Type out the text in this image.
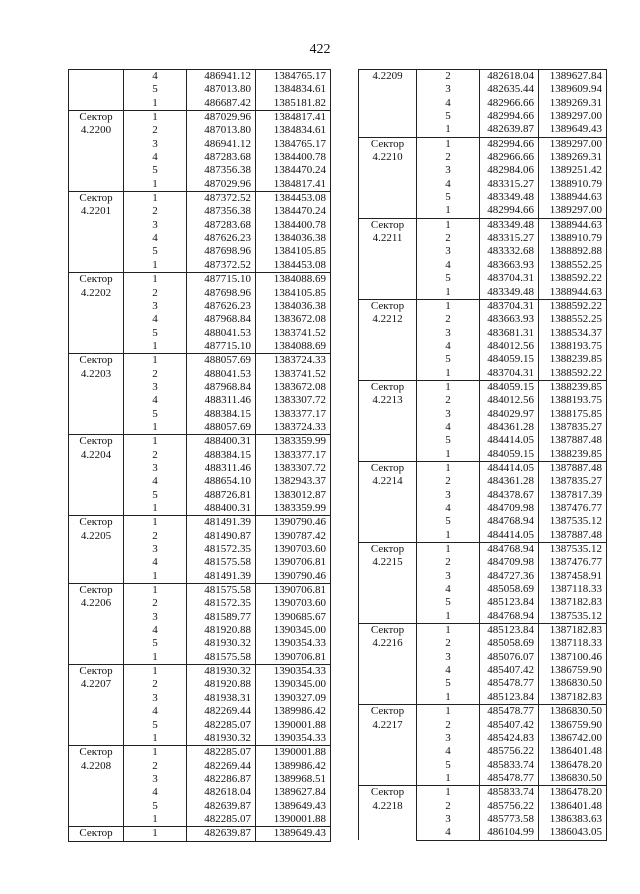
422
	4	486941.12	1384765.17
	5	487013.80	1384834.61
	1	486687.42	1385181.82

Сектор
4.2200	1	487029.96	1384817.41
	2	487013.80	1384834.61
	3	486941.12	1384765.17
	4	487283.68	1384400.78
	5	487356.38	1384470.24
	1	487029.96	1384817.41

Сектор
4.2201	1	487372.52	1384453.08
	2	487356.38	1384470.24
	3	487283.68	1384400.78
	4	487626.23	1384036.38
	5	487698.96	1384105.85
	1	487372.52	1384453.08

Сектор
4.2202	1	487715.10	1384088.69
	2	487698.96	1384105.85
	3	487626.23	1384036.38
	4	487968.84	1383672.08
	5	488041.53	1383741.52
	1	487715.10	1384088.69

Сектор
4.2203	1	488057.69	1383724.33
	2	488041.53	1383741.52
	3	487968.84	1383672.08
	4	488311.46	1383307.72
	5	488384.15	1383377.17
	1	488057.69	1383724.33

Сектор
4.2204	1	488400.31	1383359.99
	2	488384.15	1383377.17
	3	488311.46	1383307.72
	4	488654.10	1382943.37
	5	488726.81	1383012.87
	1	488400.31	1383359.99

Сектор
4.2205	1	481491.39	1390790.46
	2	481490.87	1390787.42
	3	481572.35	1390703.60
	4	481575.58	1390706.81
	1	481491.39	1390790.46

Сектор
4.2206	1	481575.58	1390706.81
	2	481572.35	1390703.60
	3	481589.77	1390685.67
	4	481920.88	1390345.00
	5	481930.32	1390354.33
	1	481575.58	1390706.81

Сектор
4.2207	1	481930.32	1390354.33
	2	481920.88	1390345.00
	3	481938.31	1390327.09
	4	482269.44	1389986.42
	5	482285.07	1390001.88
	1	481930.32	1390354.33

Сектор
4.2208	1	482285.07	1390001.88
	2	482269.44	1389986.42
	3	482286.87	1389968.51
	4	482618.04	1389627.84
	5	482639.87	1389649.43
	1	482285.07	1390001.88

Сектор	1	482639.87	1389649.43
4.2209	2	482618.04	1389627.84
	3	482635.44	1389609.94
	4	482966.66	1389269.31
	5	482994.66	1389297.00
	1	482639.87	1389649.43

Сектор
4.2210	1	482994.66	1389297.00
	2	482966.66	1389269.31
	3	482984.06	1389251.42
	4	483315.27	1388910.79
	5	483349.48	1388944.63
	1	482994.66	1389297.00

Сектор
4.2211	1	483349.48	1388944.63
	2	483315.27	1388910.79
	3	483332.68	1388892.88
	4	483663.93	1388552.25
	5	483704.31	1388592.22
	1	483349.48	1388944.63

Сектор
4.2212	1	483704.31	1388592.22
	2	483663.93	1388552.25
	3	483681.31	1388534.37
	4	484012.56	1388193.75
	5	484059.15	1388239.85
	1	483704.31	1388592.22

Сектор
4.2213	1	484059.15	1388239.85
	2	484012.56	1388193.75
	3	484029.97	1388175.85
	4	484361.28	1387835.27
	5	484414.05	1387887.48
	1	484059.15	1388239.85

Сектор
4.2214	1	484414.05	1387887.48
	2	484361.28	1387835.27
	3	484378.67	1387817.39
	4	484709.98	1387476.77
	5	484768.94	1387535.12
	1	484414.05	1387887.48

Сектор
4.2215	1	484768.94	1387535.12
	2	484709.98	1387476.77
	3	484727.36	1387458.91
	4	485058.69	1387118.33
	5	485123.84	1387182.83
	1	484768.94	1387535.12

Сектор
4.2216	1	485123.84	1387182.83
	2	485058.69	1387118.33
	3	485076.07	1387100.46
	4	485407.42	1386759.90
	5	485478.77	1386830.50
	1	485123.84	1387182.83

Сектор
4.2217	1	485478.77	1386830.50
	2	485407.42	1386759.90
	3	485424.83	1386742.00
	4	485756.22	1386401.48
	5	485833.74	1386478.20
	1	485478.77	1386830.50

Сектор
4.2218	1	485833.74	1386478.20
	2	485756.22	1386401.48
	3	485773.58	1386383.63
	4	486104.99	1386043.05
